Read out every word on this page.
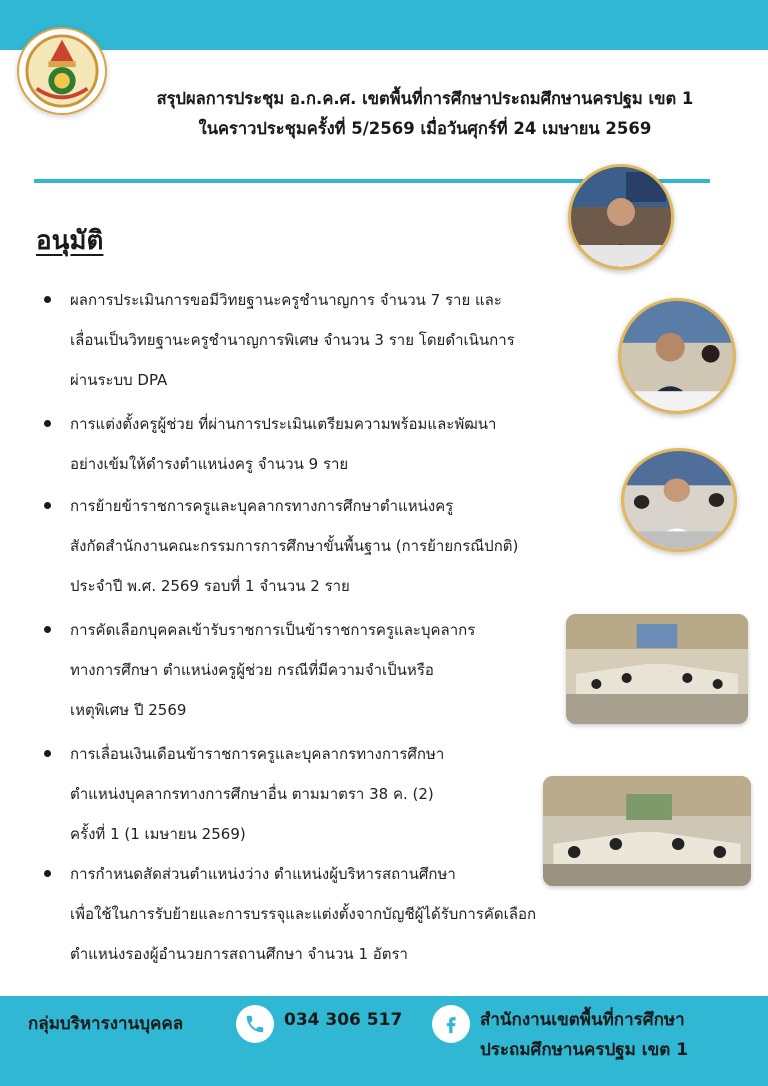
สรุปผลการประชุม อ.ก.ค.ศ. เขตพื้นที่การศึกษาประถมศึกษานครปฐม เขต 1
ในคราวประชุมครั้งที่ 5/2569 เมื่อวันศุกร์ที่ 24 เมษายน 2569
อนุมัติ
ผลการประเมินการขอมีวิทยฐานะครูชำนาญการ จำนวน 7 ราย และ
เลื่อนเป็นวิทยฐานะครูชำนาญการพิเศษ จำนวน 3 ราย โดยดำเนินการ
ผ่านระบบ DPA
การแต่งตั้งครูผู้ช่วย ที่ผ่านการประเมินเตรียมความพร้อมและพัฒนา
อย่างเข้มให้ดำรงตำแหน่งครู จำนวน 9 ราย
การย้ายข้าราชการครูและบุคลากรทางการศึกษาตำแหน่งครู
สังกัดสำนักงานคณะกรรมการการศึกษาขั้นพื้นฐาน (การย้ายกรณีปกติ)
ประจำปี พ.ศ. 2569 รอบที่ 1 จำนวน 2 ราย
การคัดเลือกบุคคลเข้ารับราชการเป็นข้าราชการครูและบุคลากร
ทางการศึกษา ตำแหน่งครูผู้ช่วย กรณีที่มีความจำเป็นหรือ
เหตุพิเศษ ปี 2569
การเลื่อนเงินเดือนข้าราชการครูและบุคลากรทางการศึกษา
ตำแหน่งบุคลากรทางการศึกษาอื่น ตามมาตรา 38 ค. (2)
ครั้งที่ 1 (1 เมษายน 2569)
การกำหนดสัดส่วนตำแหน่งว่าง ตำแหน่งผู้บริหารสถานศึกษา
เพื่อใช้ในการรับย้ายและการบรรจุและแต่งตั้งจากบัญชีผู้ได้รับการคัดเลือก
ตำแหน่งรองผู้อำนวยการสถานศึกษา จำนวน 1 อัตรา
กลุ่มบริหารงานบุคคล	034 306 517	สำนักงานเขตพื้นที่การศึกษา
ประถมศึกษานครปฐม เขต 1
